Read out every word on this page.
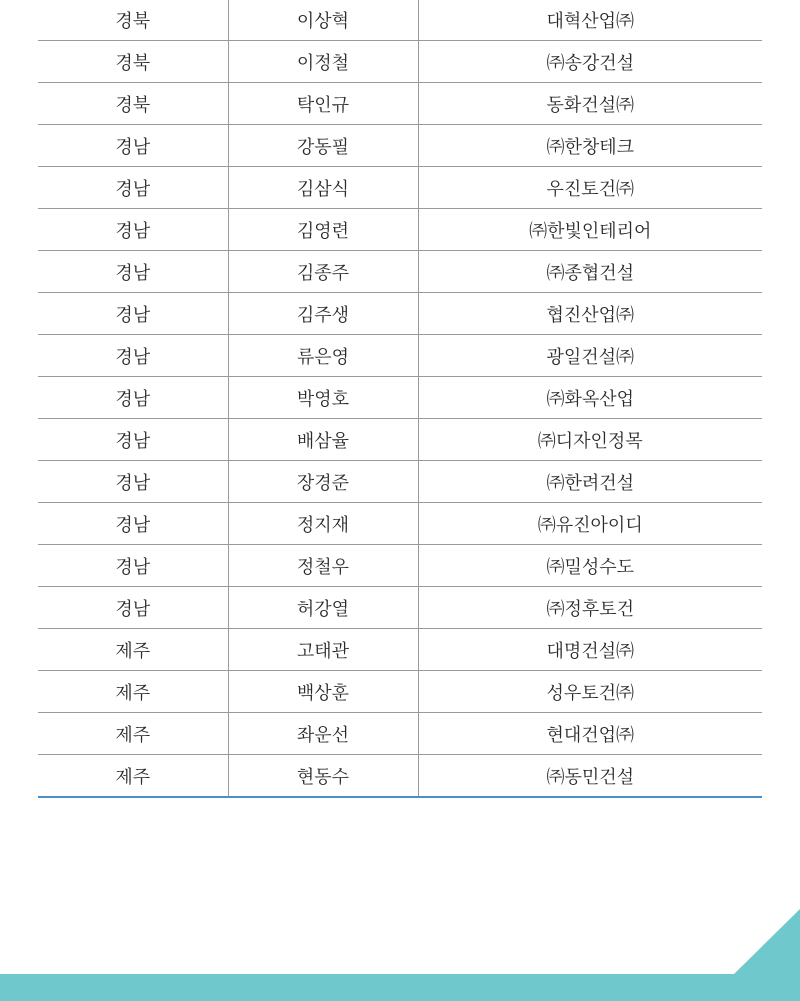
경북	이상혁	대혁산업㈜
경북	이정철	㈜송강건설
경북	탁인규	동화건설㈜
경남	강동필	㈜한창테크
경남	김삼식	우진토건㈜
경남	김영련	㈜한빛인테리어
경남	김종주	㈜종협건설
경남	김주생	협진산업㈜
경남	류은영	광일건설㈜
경남	박영호	㈜화옥산업
경남	배삼율	㈜디자인정목
경남	장경준	㈜한려건설
경남	정지재	㈜유진아이디
경남	정철우	㈜밀성수도
경남	허강열	㈜정후토건
제주	고태관	대명건설㈜
제주	백상훈	성우토건㈜
제주	좌운선	현대건업㈜
제주	현동수	㈜동민건설
